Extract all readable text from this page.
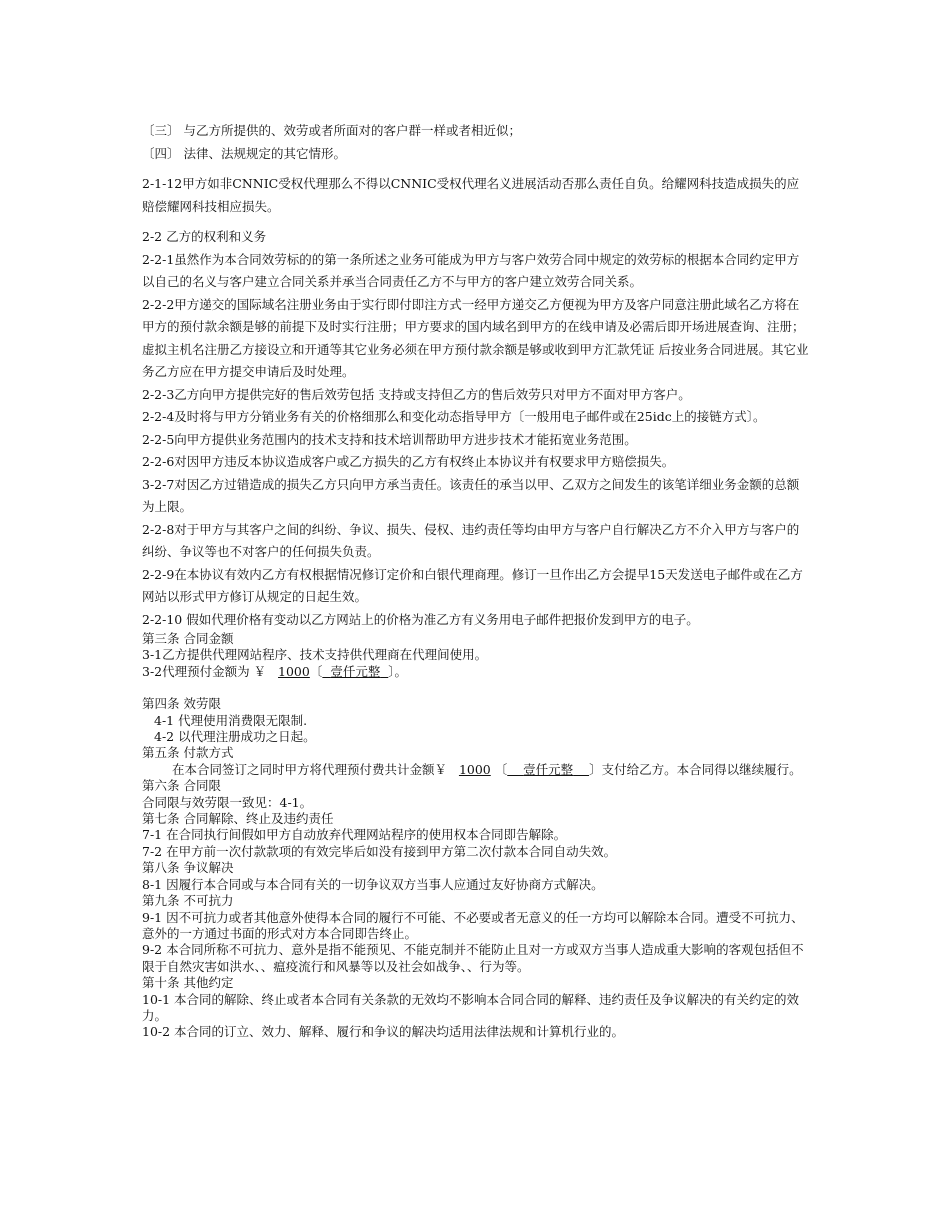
〔三〕 与乙方所提供的、效劳或者所面对的客户群一样或者相近似；

〔四〕 法律、法规规定的其它情形。

2-1-12甲方如非CNNIC受权代理那么不得以CNNIC受权代理名义进展活动否那么责任自负。给耀网科技造成损失的应赔偿耀网科技相应损失。

2-2 乙方的权利和义务

2-2-1虽然作为本合同效劳标的的第一条所述之业务可能成为甲方与客户效劳合同中规定的效劳标的根据本合同约定甲方以自己的名义与客户建立合同关系并承当合同责任乙方不与甲方的客户建立效劳合同关系。

2-2-2甲方递交的国际域名注册业务由于实行即付即注方式一经甲方递交乙方便视为甲方及客户同意注册此域名乙方将在甲方的预付款余额是够的前提下及时实行注册；甲方要求的国内域名到甲方的在线申请及必需后即开场进展查询、注册；虚拟主机名注册乙方接设立和开通等其它业务必须在甲方预付款余额是够或收到甲方汇款凭证 后按业务合同进展。其它业务乙方应在甲方提交申请后及时处理。

2-2-3乙方向甲方提供完好的售后效劳包括 支持或支持但乙方的售后效劳只对甲方不面对甲方客户。

2-2-4及时将与甲方分销业务有关的价格细那么和变化动态指导甲方〔一般用电子邮件或在25idc上的接链方式〕。

2-2-5向甲方提供业务范围内的技术支持和技术培训帮助甲方进步技术才能拓宽业务范围。

2-2-6对因甲方违反本协议造成客户或乙方损失的乙方有权终止本协议并有权要求甲方赔偿损失。

3-2-7对因乙方过错造成的损失乙方只向甲方承当责任。该责任的承当以甲、乙双方之间发生的该笔详细业务金额的总额为上限。

2-2-8对于甲方与其客户之间的纠纷、争议、损失、侵权、违约责任等均由甲方与客户自行解决乙方不介入甲方与客户的纠纷、争议等也不对客户的任何损失负责。

2-2-9在本协议有效内乙方有权根据情况修订定价和白银代理商理。修订一旦作出乙方会提早15天发送电子邮件或在乙方网站以形式甲方修订从规定的日起生效。

2-2-10 假如代理价格有变动以乙方网站上的价格为准乙方有义务用电子邮件把报价发到甲方的电子。

第三条 合同金额

3-1乙方提供代理网站程序、技术支持供代理商在代理间使用。

3-2代理预付金额为 ￥ 1000〔 壹仟元整 〕。

第四条 效劳限

4-1 代理使用消费限无限制.

4-2 以代理注册成功之日起。

第五条 付款方式

在本合同签订之同时甲方将代理预付费共计金额￥ 1000 〔 壹仟元整 〕支付给乙方。本合同得以继续履行。

第六条 合同限

合同限与效劳限一致见：4-1。

第七条 合同解除、终止及违约责任

7-1 在合同执行间假如甲方自动放弃代理网站程序的使用权本合同即告解除。

7-2 在甲方前一次付款款项的有效完毕后如没有接到甲方第二次付款本合同自动失效。

第八条 争议解决

8-1 因履行本合同或与本合同有关的一切争议双方当事人应通过友好协商方式解决。

第九条 不可抗力

9-1 因不可抗力或者其他意外使得本合同的履行不可能、不必要或者无意义的任一方均可以解除本合同。遭受不可抗力、意外的一方通过书面的形式对方本合同即告终止。

9-2 本合同所称不可抗力、意外是指不能预见、不能克制并不能防止且对一方或双方当事人造成重大影响的客观包括但不限于自然灾害如洪水、、瘟疫流行和风暴等以及社会如战争、、行为等。

第十条 其他约定

10-1 本合同的解除、终止或者本合同有关条款的无效均不影响本合同合同的解释、违约责任及争议解决的有关约定的效力。

10-2 本合同的订立、效力、解释、履行和争议的解决均适用法律法规和计算机行业的。
